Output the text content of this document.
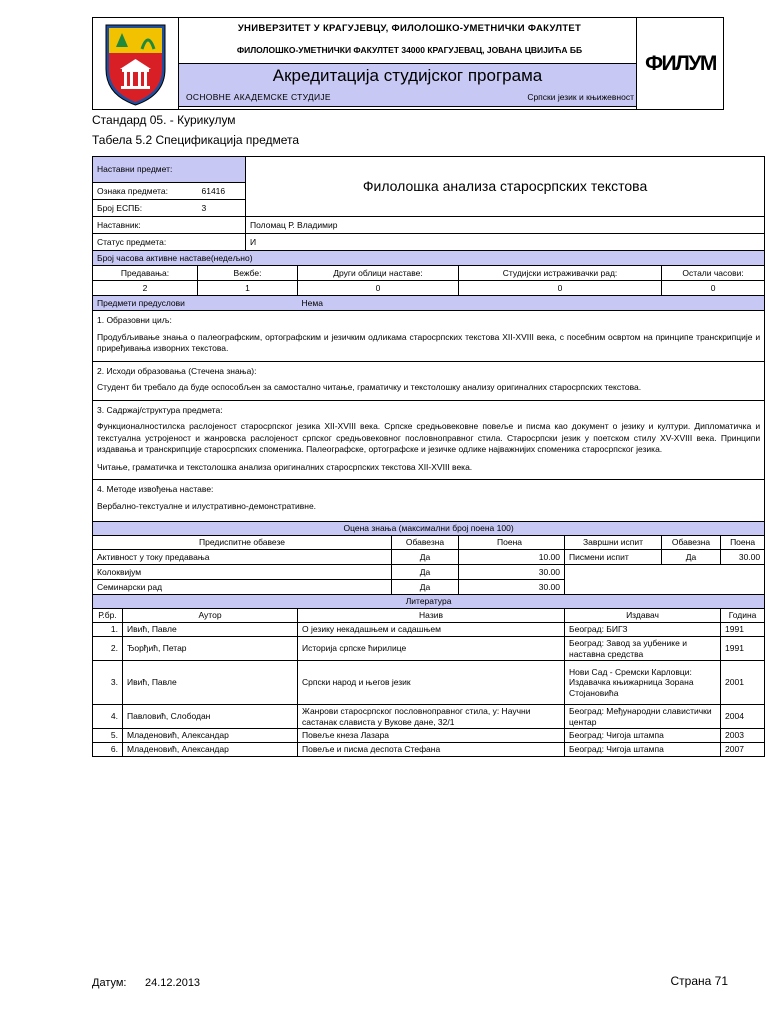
УНИВЕРЗИТЕТ У КРАГУЈЕВЦУ, ФИЛОЛОШКО-УМЕТНИЧКИ ФАКУЛТЕТ
ФИЛОЛОШКО-УМЕТНИЧКИ ФАКУЛТЕТ 34000 КРАГУЈЕВАЦ, ЈОВАНА ЦВИЈИЋА ББ
Акредитација студијског програма
ОСНОВНЕ АКАДЕМСКЕ СТУДИЈЕ	Српски језик и књижевност
ФИЛУМ
Стандард 05. - Курикулум
Табела 5.2 Спецификација предмета
Наставни предмет:			Филолошка анализа старосрпских текстова						
Ознака предмета:		61416							
Број ЕСПБ:		3							
Наставник:			Поломац Р. Владимир						
Статус предмета:			И						
Број часова активне наставе(недељно)									
Предавања:		Вежбе:		Други облици наставе:		Студијски истраживачки рад:		Остали часови:	
2		1		0		0		0	
Предмети предуслови				Нема					

1. Образовни циљ:
Продубљивање знања о палеографским, ортографским и језичким одликама старосрпских текстова XII-XVIII века, с посебним освртом на принципе транскрипције и приређивања изворних текстова.									

2. Исходи образовања (Стечена знања):
Студент би требало да буде оспособљен за самостално читање, граматичку и текстолошку анализу оригиналних старосрпских текстова.									

3. Садржај/структура предмета:
Функционалностилска раслојеност старосрпског језика XII-XVIII века. Српске средњовековне повеље и писма као документ о језику и култури. Дипломатичка и текстуална устројеност и жанровска раслојеност српског средњовековног пословноправног стила. Старосрпски језик у поетском стилу XV-XVIII века. Принципи издавања и транскрипције старосрпских споменика. Палеографске, ортографске и језичке одлике најважнијих споменика старосрпског језика.
Читање, граматичка и текстолошка анализа оригиналних старосрпских текстова XII-XVIII века.									

4. Методе извођења наставе:
Вербално-текстуалне и илустративно-демонстративне.									

Оцена знања (максимални број поена 100)									
Предиспитне обавезе					Обавезна	Поена	Завршни испит	Обавезна	Поена
Активност у току предавања					Да	10.00	Писмени испит	Да	30.00
Колоквијум					Да	30.00			
Семинарски рад					Да	30.00			
Литература									
Р.бр.	Аутор			Назив			Издавач		Година
1.	Ивић, Павле			О језику некадашњем и садашњем			Београд: БИГЗ		1991
2.	Ђорђић, Петар			Историја српске ћирилице			Београд: Завод за уџбенике и наставна средства		1991
3.	Ивић, Павле			Српски народ и његов језик			Нови Сад - Сремски Карловци: Издавачка књижарница Зорана Стојановића		2001
4.	Павловић, Слободан			Жанрови старосрпског пословноправног стила, у: Научни састанак слависта у Вукове дане, 32/1			Београд: Међународни славистички центар		2004
5.	Младеновић, Александар			Повеље кнеза Лазара			Београд: Чигоја штампа		2003
6.	Младеновић, Александар			Повеље и писма деспота Стефана			Београд: Чигоја штампа		2007
Датум: 24.12.2013	Страна 71
